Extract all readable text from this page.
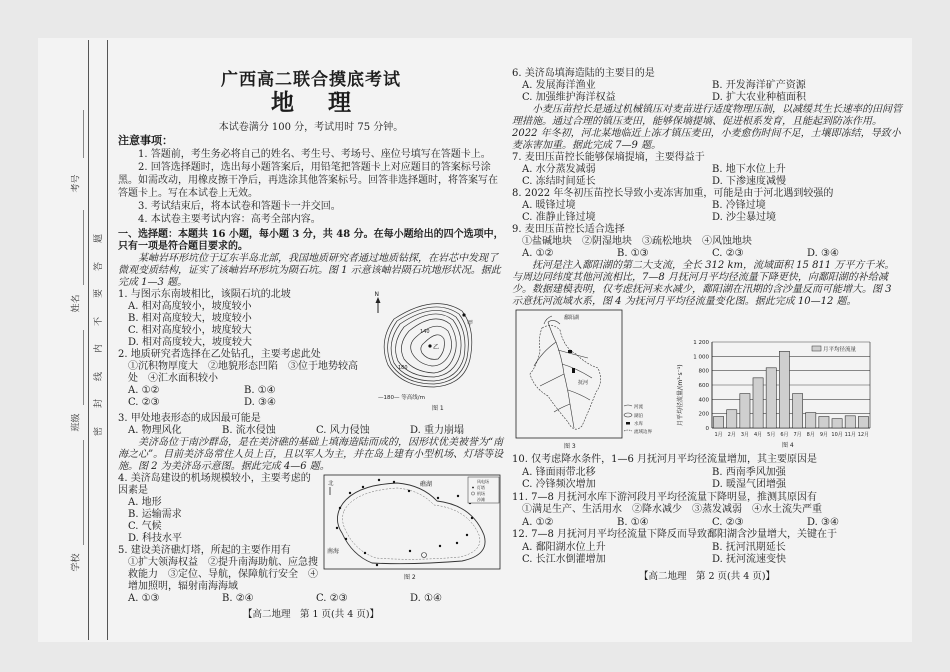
考号
姓名
班级
学校
题
答
要
不
内
线
封
密
广西高二联合摸底考试
地理
本试卷满分 100 分，考试用时 75 分钟。
注意事项：

1. 答题前，考生务必将自己的姓名、考生号、考场号、座位号填写在答题卡上。

2. 回答选择题时，选出每小题答案后，用铅笔把答题卡上对应题目的答案标号涂黑。如需改动，用橡皮擦干净后，再选涂其他答案标号。回答非选择题时，将答案写在答题卡上。写在本试卷上无效。

3. 考试结束后，将本试卷和答题卡一并交回。

4. 本试卷主要考试内容：高考全部内容。

一、选择题：本题共 16 小题，每小题 3 分，共 48 分。在每小题给出的四个选项中，只有一项是符合题目要求的。
某岫岩环形坑位于辽东半岛北部，我国地质研究者通过地质钻探，在岩芯中发现了微观变质结构，证实了该岫岩环形坑为陨石坑。图 1 示意该岫岩陨石坑地形状况。据此完成 1—3 题。
N
甲
乙
140
180
—180— 等高线/m
图 1
1. 与图示东南坡相比，该陨石坑的北坡
A. 相对高度较小，坡度较小
B. 相对高度较大，坡度较小
C. 相对高度较小，坡度较大
D. 相对高度较大，坡度较大
2. 地质研究者选择在乙处钻孔，主要考虑此处
①沉积物厚度大　②地貌形态凹陷　③位于地势较高处　④汇水面积较小
A. ①②	B. ①④
C. ②③	D. ③④
3. 甲处地表形态的成因最可能是
A. 物理风化	B. 流水侵蚀	C. 风力侵蚀	D. 重力崩塌
美济岛位于南沙群岛，是在美济礁的基础上填海造陆而成的，因形状优美被誉为“南海之心”。目前美济岛常住人员上百，且以军人为主，并在岛上建有小型机场、灯塔等设施。图 2 为美济岛示意图。据此完成 4—6 题。
北	礁湖
南海
风电场
灯塔
机场
沙滩
图 2
4. 美济岛建设的机场规模较小，主要考虑的因素是
A. 地形
B. 运输需求
C. 气候
D. 科技水平
5. 建设美济礁灯塔，所起的主要作用有
①扩大领海权益　②提升南海助航、应急搜救能力　③定位、导航，保障航行安全　④增加照明，辐射南海海域
A. ①③	B. ②④	C. ②③	D. ①④
【高二地理　第 1 页(共 4 页)】
6. 美济岛填海造陆的主要目的是
A. 发展海洋渔业	B. 开发海洋矿产资源
C. 加强维护海洋权益	D. 扩大农业种植面积
小麦压苗控长是通过机械镇压对麦苗进行适度物理压制，以减缓其生长速率的田间管理措施。通过合理的镇压麦田，能够保墒提墒、促进根系发育，且能起到防冻作用。2022 年冬初，河北某地临近上冻才镇压麦田，小麦愈伤时间不足，土壤即冻结，导致小麦冻害加重。据此完成 7—9 题。
7. 麦田压苗控长能够保墒提墒，主要得益于
A. 水分蒸发减弱	B. 地下水位上升
C. 冻结时间延长	D. 下渗速度减慢
8. 2022 年冬初压苗控长导致小麦冻害加重，可能是由于河北遇到较强的
A. 暖锋过境	B. 冷锋过境
C. 准静止锋过境	D. 沙尘暴过境
9. 麦田压苗控长适合选择
①盐碱地块　②阴湿地块　③疏松地块　④风蚀地块
A. ①②	B. ①③	C. ②③	D. ③④
抚河是注入鄱阳湖的第二大支流，全长 312 km，流域面积 15 811 万平方千米。与周边同纬度其他河流相比，7—8 月抚河月平均径流量下降更快，向鄱阳湖的补给减少。数据建模表明，仅考虑抚河来水减少，鄱阳湖在汛期的含沙量反而可能增大。图 3 示意抚河流域水系，图 4 为抚河月平均径流量变化图。据此完成 10—12 题。
鄱阳湖
抚河
河流
湖泊
水库
流域边界
图 3
月平均径流量/(m³·s⁻¹)
0
200
400
600
800
1 000
1 200
1月 2月 3月 4月 5月 6月 7月 8月 9月 10月 11月 12月
月平均径流量
图 4
10. 仅考虑降水条件，1—6 月抚河月平均径流量增加，其主要原因是
A. 锋面雨带北移	B. 西南季风加强
C. 冷锋频次增加	D. 暖湿气团增强
11. 7—8 月抚河水库下游河段月平均径流量下降明显，推测其原因有
①满足生产、生活用水　②降水减少　③蒸发减弱　④水土流失严重
A. ①②	B. ①④	C. ②③	D. ③④
12. 7—8 月抚河月平均径流量下降反而导致鄱阳湖含沙量增大，关键在于
A. 鄱阳湖水位上升	B. 抚河汛期延长
C. 长江水倒灌增加	D. 抚河流速变快
【高二地理　第 2 页(共 4 页)】
